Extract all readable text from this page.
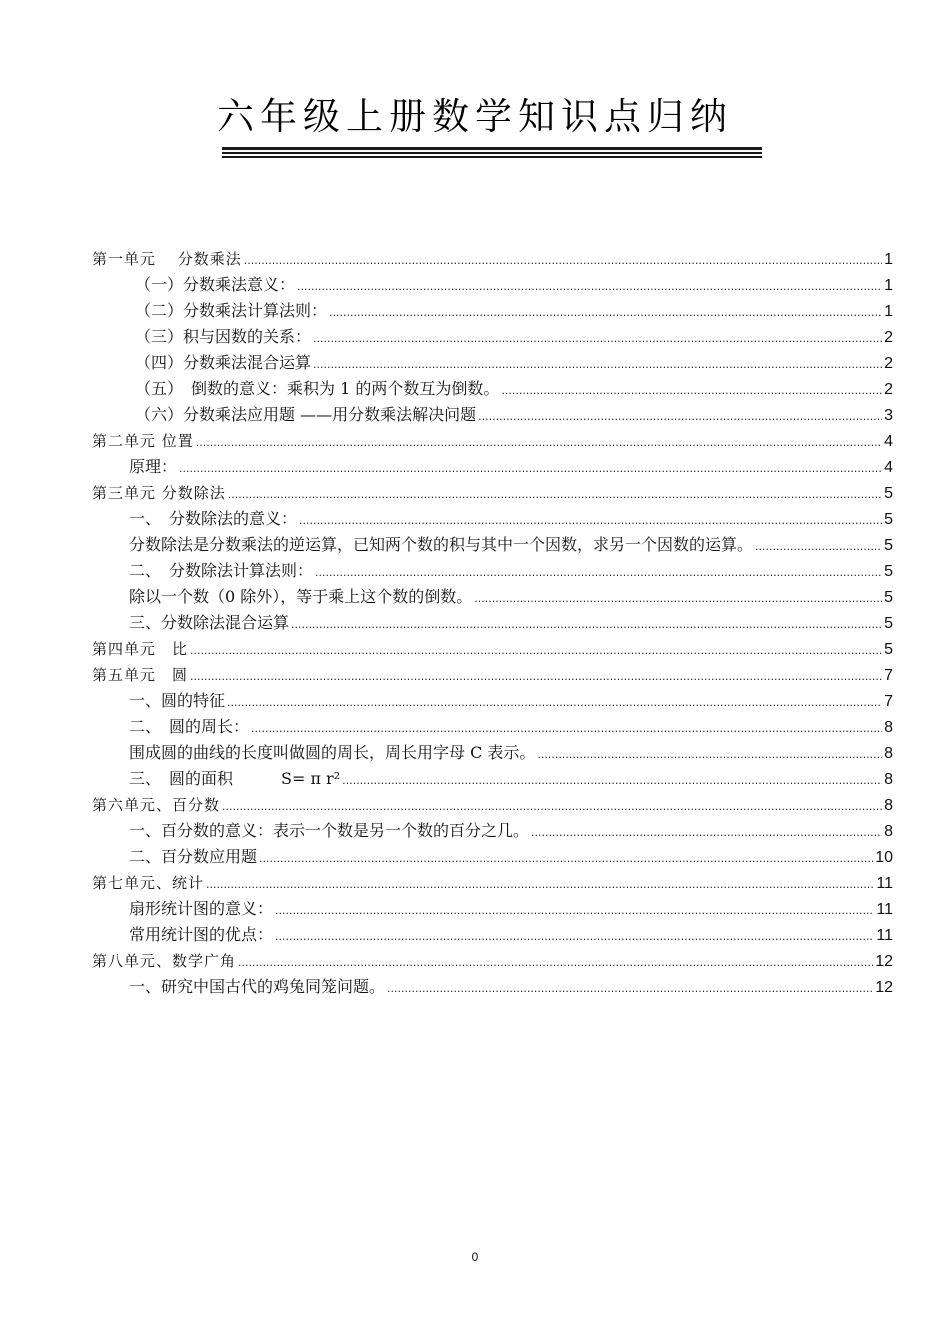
六年级上册数学知识点归纳
第一单元　 分数乘法 .....	1
（一）分数乘法意义： .....	1
（二）分数乘法计算法则： .....	1
（三）积与因数的关系： .....	2
（四）分数乘法混合运算 .....	2
（五）　倒数的意义：乘积为 1 的两个数互为倒数。 .....	2
（六）分数乘法应用题 ——用分数乘法解决问题 .....	3
第二单元 位置 .....	4
原理： .....	4
第三单元 分数除法 .....	5
一、　分数除法的意义： .....	5
分数除法是分数乘法的逆运算，已知两个数的积与其中一个因数，求另一个因数的运算。 .....	5
二、　分数除法计算法则： .....	5
除以一个数（0 除外），等于乘上这个数的倒数。 .....	5
三、分数除法混合运算 .....	5
第四单元　比 .....	5
第五单元　圆 .....	7
一、圆的特征 .....	7
二、　圆的周长： .....	8
围成圆的曲线的长度叫做圆的周长，周长用字母 C 表示。 .....	8
三、　圆的面积　　　S= π r² .....	8
第六单元、百分数 .....	8
一、百分数的意义：表示一个数是另一个数的百分之几。 .....	8
二、百分数应用题 .....	10
第七单元、统计 .....	11
扇形统计图的意义： .....	11
常用统计图的优点： .....	11
第八单元、数学广角 .....	12
一、研究中国古代的鸡兔同笼问题。 .....	12
0
